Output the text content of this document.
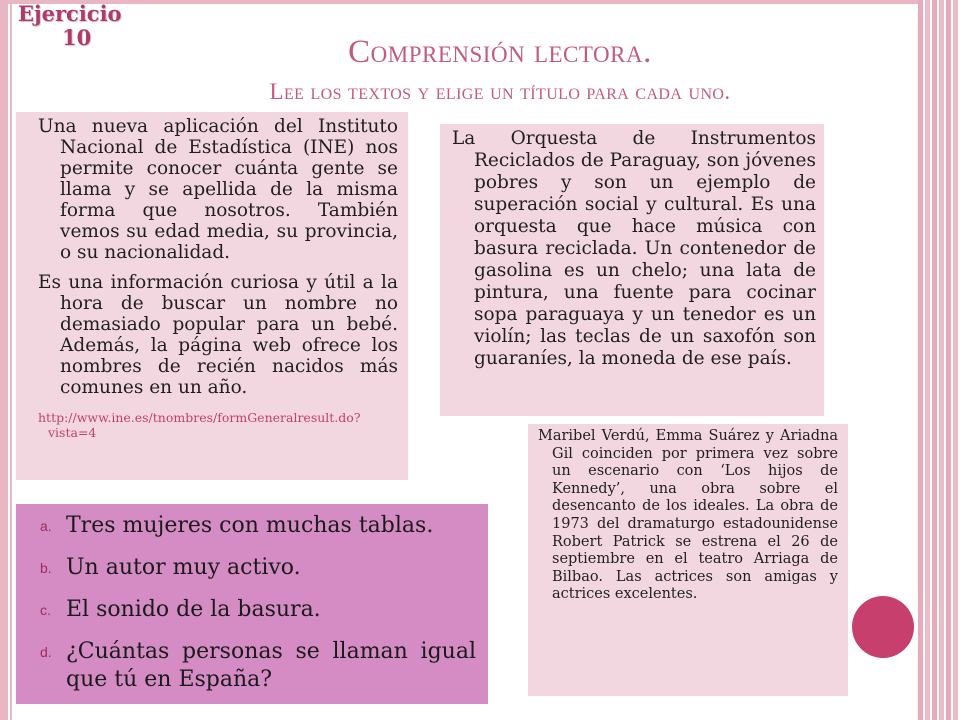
Ejercicio
10	Comprensión lectora.
Lee los textos y elige un título para cada uno.

Una nueva aplicación del Instituto Nacional de Estadística (INE) nos permite conocer cuánta gente se llama y se apellida de la misma forma que nosotros. También vemos su edad media, su provincia, o su nacionalidad.

Es una información curiosa y útil a la hora de buscar un nombre no demasiado popular para un bebé. Además, la página web ofrece los nombres de recién nacidos más comunes en un año.

http://www.ine.es/tnombres/formGeneralresult.do?vista=4

La Orquesta de Instrumentos Reciclados de Paraguay, son jóvenes pobres y son un ejemplo de superación social y cultural. Es una orquesta que hace música con basura reciclada. Un contenedor de gasolina es un chelo; una lata de pintura, una fuente para cocinar sopa paraguaya y un tenedor es un violín; las teclas de un saxofón son guaraníes, la moneda de ese país.

Maribel Verdú, Emma Suárez y Ariadna Gil coinciden por primera vez sobre un escenario con ‘Los hijos de Kennedy’, una obra sobre el desencanto de los ideales. La obra de 1973 del dramaturgo estadounidense Robert Patrick se estrena el 26 de septiembre en el teatro Arriaga de Bilbao. Las actrices son amigas y actrices excelentes.

a. Tres mujeres con muchas tablas.
b. Un autor muy activo.
c. El sonido de la basura.
d. ¿Cuántas personas se llaman igual que tú en España?
